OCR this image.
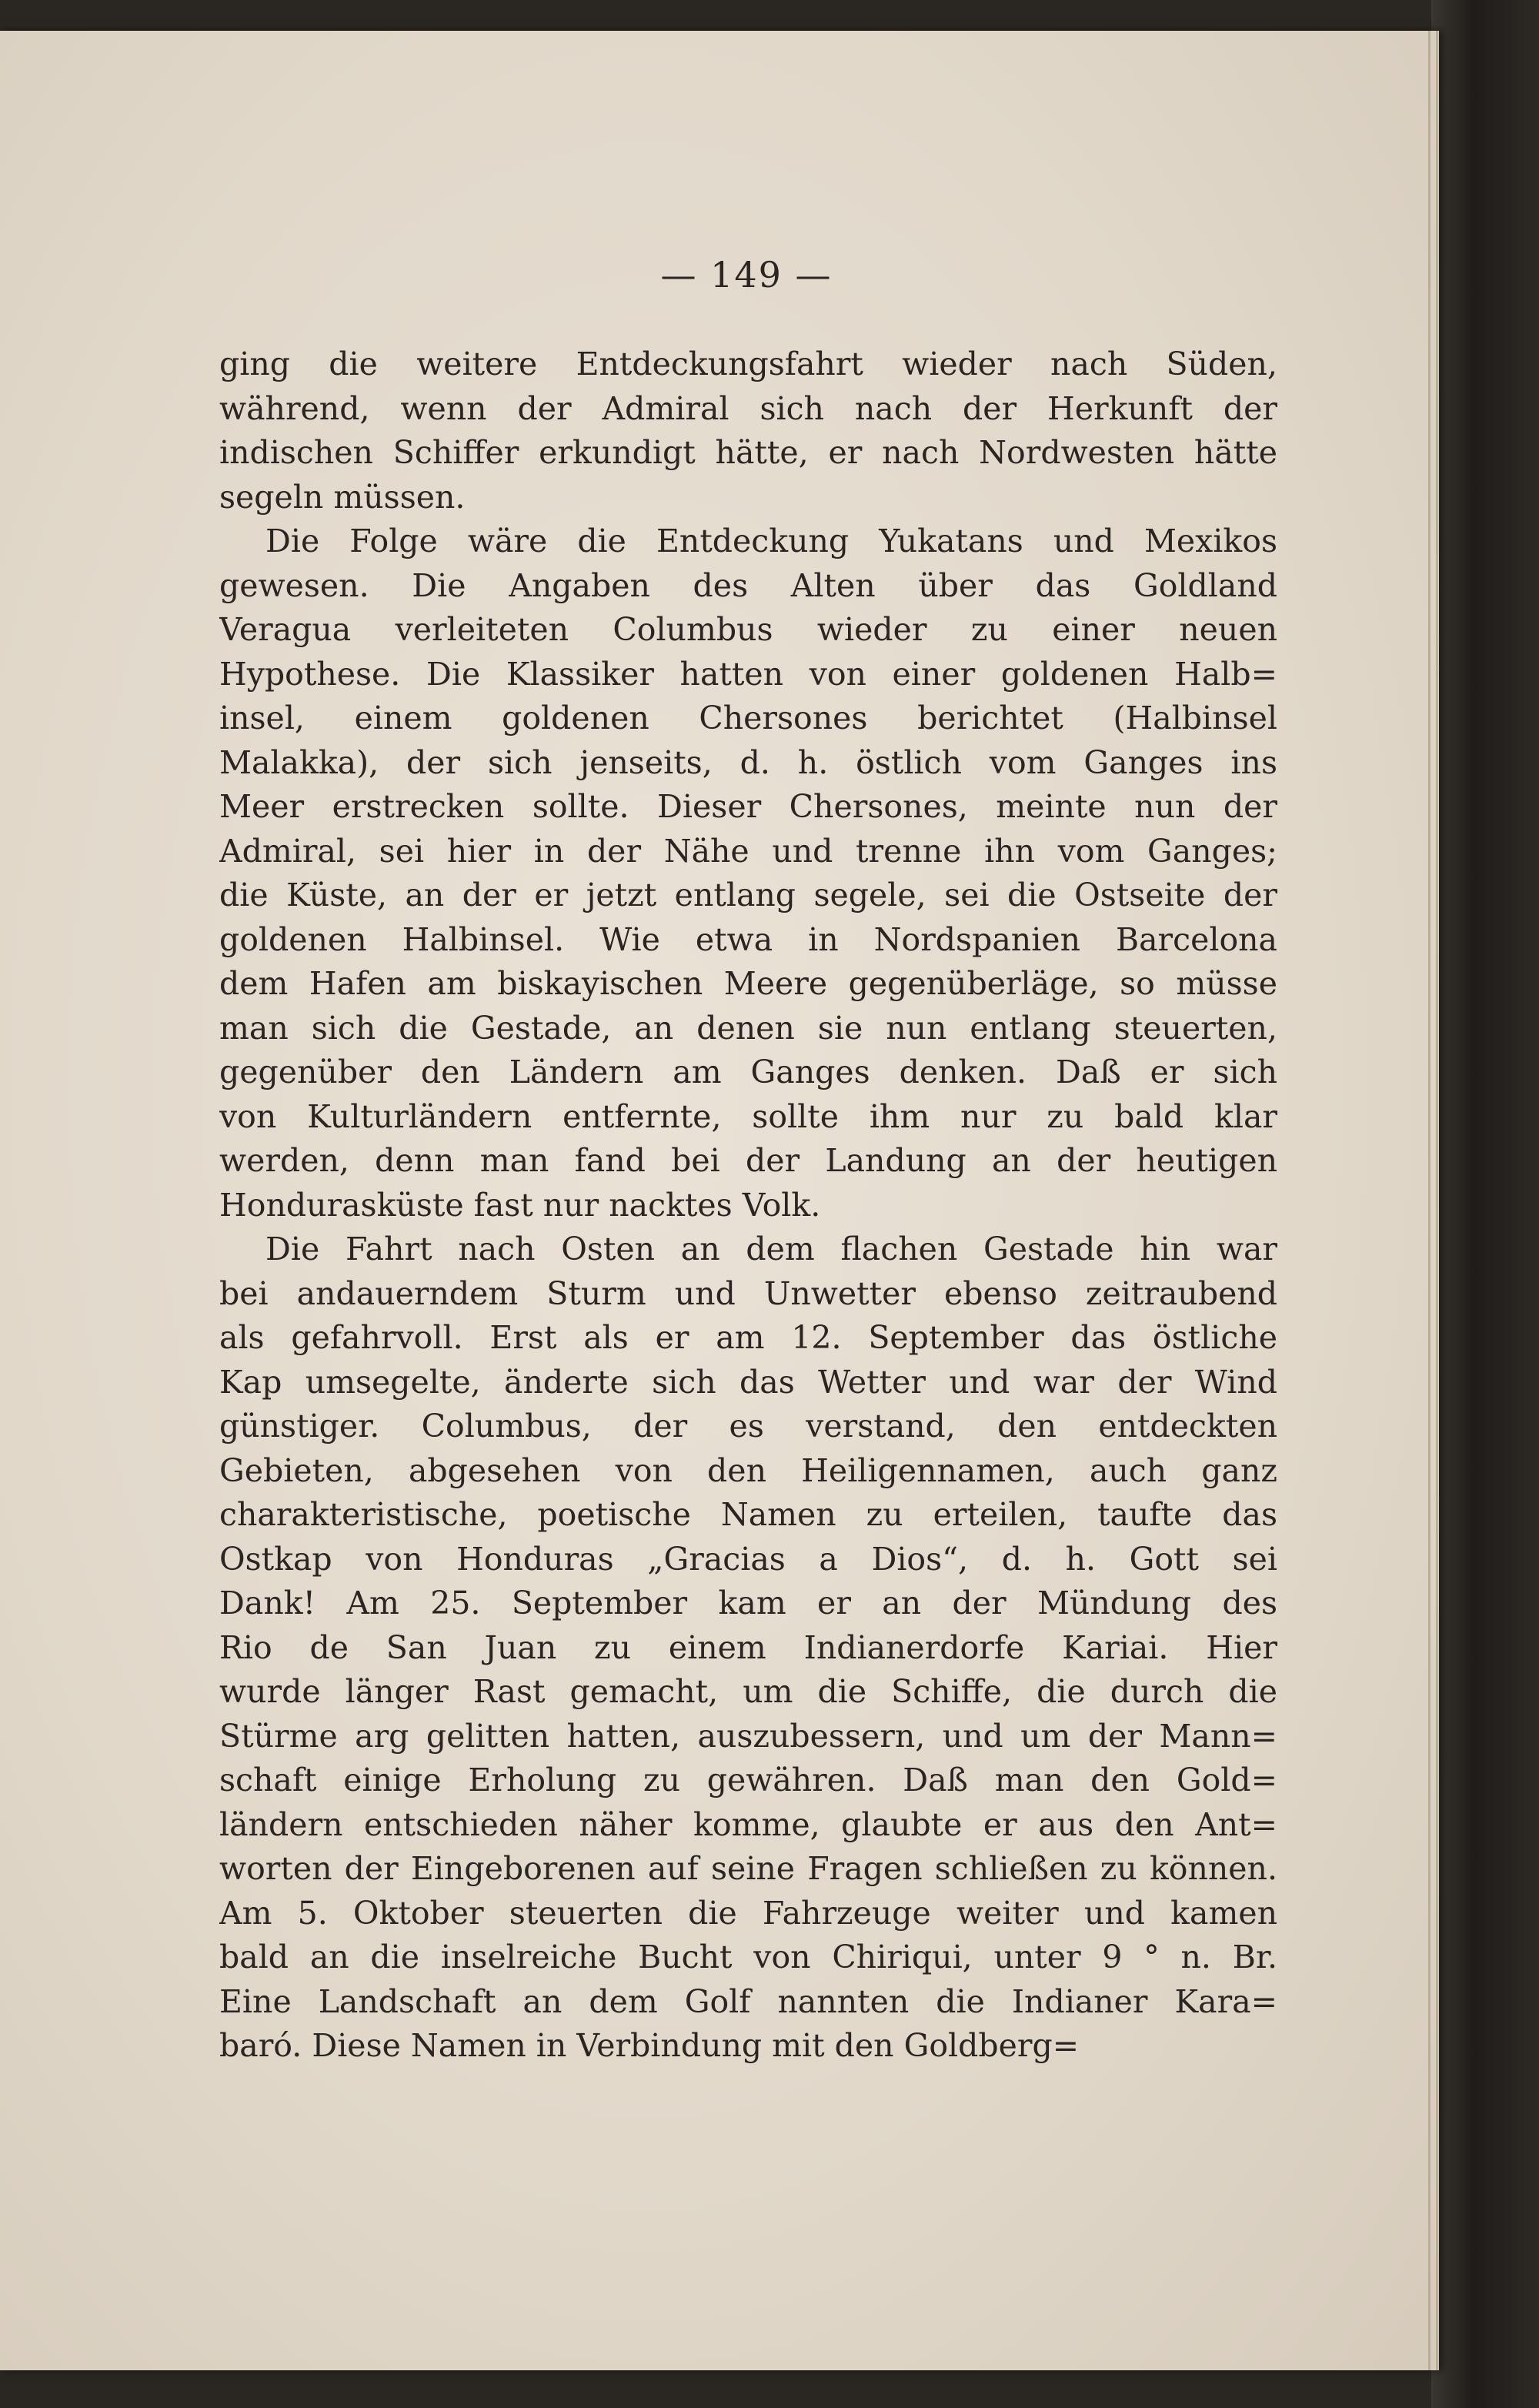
— 149 —
ging die weitere Entdeckungsfahrt wieder nach Süden,
während, wenn der Admiral sich nach der Herkunft der
indischen Schiffer erkundigt hätte, er nach Nordwesten hätte
segeln müssen.
Die Folge wäre die Entdeckung Yukatans und Mexikos
gewesen. Die Angaben des Alten über das Goldland
Veragua verleiteten Columbus wieder zu einer neuen
Hypothese. Die Klassiker hatten von einer goldenen Halb=
insel, einem goldenen Chersones berichtet (Halbinsel
Malakka), der sich jenseits, d. h. östlich vom Ganges ins
Meer erstrecken sollte. Dieser Chersones, meinte nun der
Admiral, sei hier in der Nähe und trenne ihn vom Ganges;
die Küste, an der er jetzt entlang segele, sei die Ostseite der
goldenen Halbinsel. Wie etwa in Nordspanien Barcelona
dem Hafen am biskayischen Meere gegenüberläge, so müsse
man sich die Gestade, an denen sie nun entlang steuerten,
gegenüber den Ländern am Ganges denken. Daß er sich
von Kulturländern entfernte, sollte ihm nur zu bald klar
werden, denn man fand bei der Landung an der heutigen
Hondurasküste fast nur nacktes Volk.
Die Fahrt nach Osten an dem flachen Gestade hin war
bei andauerndem Sturm und Unwetter ebenso zeitraubend
als gefahrvoll. Erst als er am 12. September das östliche
Kap umsegelte, änderte sich das Wetter und war der Wind
günstiger. Columbus, der es verstand, den entdeckten
Gebieten, abgesehen von den Heiligennamen, auch ganz
charakteristische, poetische Namen zu erteilen, taufte das
Ostkap von Honduras „Gracias a Dios“, d. h. Gott sei
Dank! Am 25. September kam er an der Mündung des
Rio de San Juan zu einem Indianerdorfe Kariai. Hier
wurde länger Rast gemacht, um die Schiffe, die durch die
Stürme arg gelitten hatten, auszubessern, und um der Mann=
schaft einige Erholung zu gewähren. Daß man den Gold=
ländern entschieden näher komme, glaubte er aus den Ant=
worten der Eingeborenen auf seine Fragen schließen zu können.
Am 5. Oktober steuerten die Fahrzeuge weiter und kamen
bald an die inselreiche Bucht von Chiriqui, unter 9 ° n. Br.
Eine Landschaft an dem Golf nannten die Indianer Kara=
baró. Diese Namen in Verbindung mit den Goldberg=
